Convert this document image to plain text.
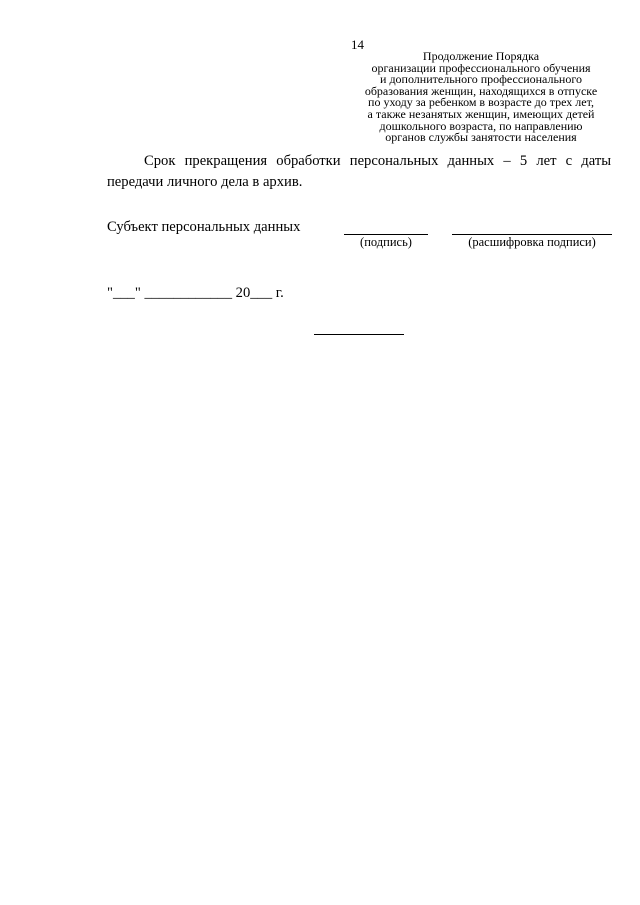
14
Продолжение Порядка
организации профессионального обучения
и дополнительного профессионального
образования женщин, находящихся в отпуске
по уходу за ребенком в возрасте до трех лет,
а также незанятых женщин, имеющих детей
дошкольного возраста, по направлению
органов службы занятости населения
Срок прекращения обработки персональных данных – 5 лет с даты передачи личного дела в архив.
Субъект персональных данных
(подпись)	(расшифровка подписи)
"___" ____________ 20___ г.
